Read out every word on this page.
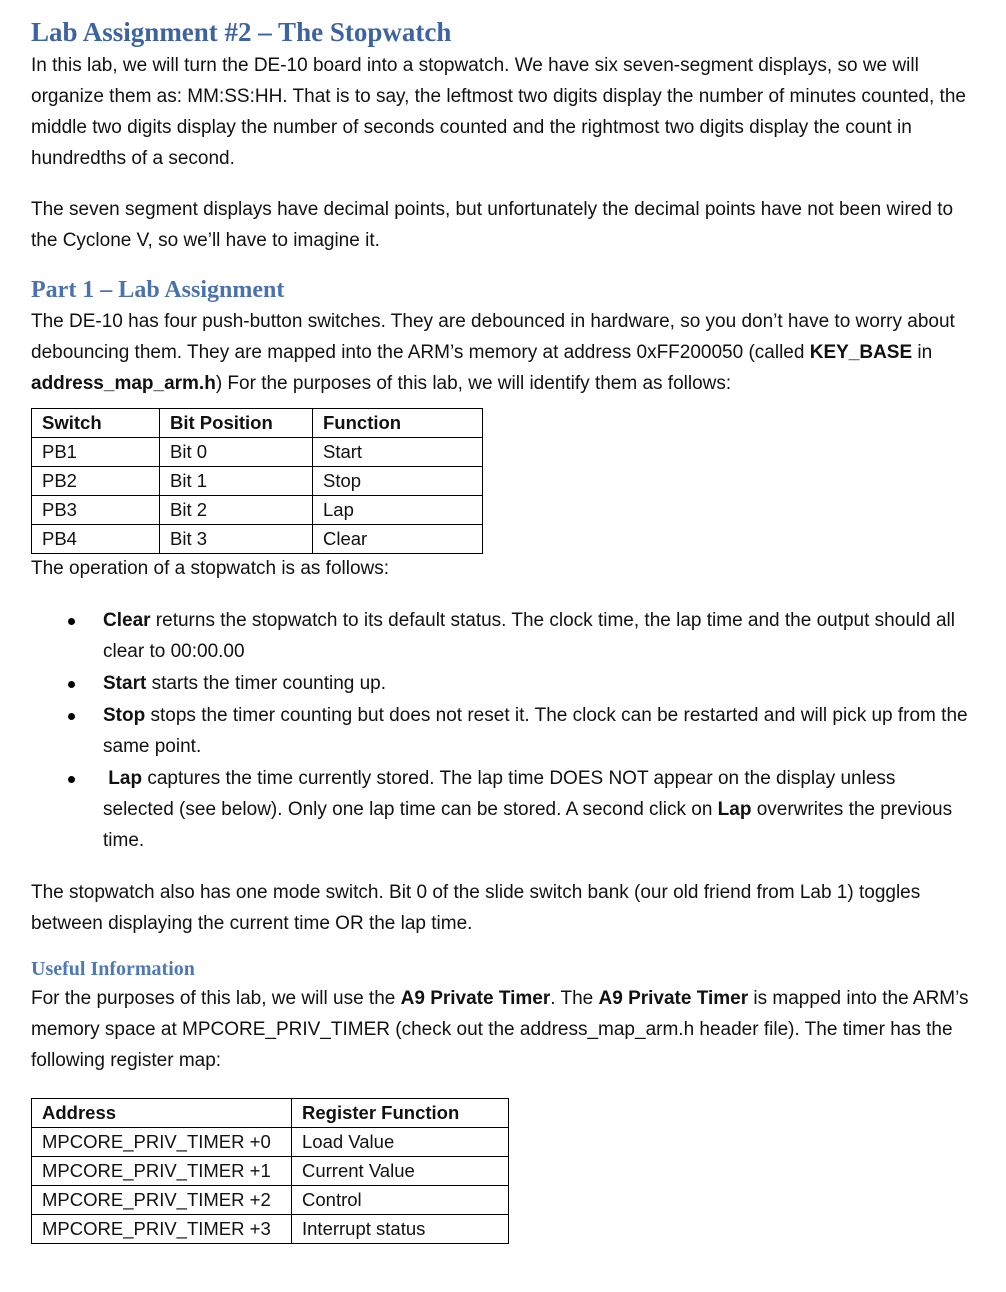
Lab Assignment #2 – The Stopwatch

In this lab, we will turn the DE-10 board into a stopwatch. We have six seven-segment displays, so we will organize them as: MM:SS:HH. That is to say, the leftmost two digits display the number of minutes counted, the middle two digits display the number of seconds counted and the rightmost two digits display the count in hundredths of a second.

The seven segment displays have decimal points, but unfortunately the decimal points have not been wired to the Cyclone V, so we’ll have to imagine it.

Part 1 – Lab Assignment

The DE-10 has four push-button switches. They are debounced in hardware, so you don’t have to worry about debouncing them. They are mapped into the ARM’s memory at address 0xFF200050 (called KEY_BASE in address_map_arm.h) For the purposes of this lab, we will identify them as follows:

Switch	Bit Position	Function
PB1	Bit 0	Start
PB2	Bit 1	Stop
PB3	Bit 2	Lap
PB4	Bit 3	Clear

The operation of a stopwatch is as follows:

Clear returns the stopwatch to its default status. The clock time, the lap time and the output should all clear to 00:00.00
Start starts the timer counting up.
Stop stops the timer counting but does not reset it. The clock can be restarted and will pick up from the same point.
Lap captures the time currently stored. The lap time DOES NOT appear on the display unless selected (see below). Only one lap time can be stored. A second click on Lap overwrites the previous time.

The stopwatch also has one mode switch. Bit 0 of the slide switch bank (our old friend from Lab 1) toggles between displaying the current time OR the lap time.

Useful Information

For the purposes of this lab, we will use the A9 Private Timer. The A9 Private Timer is mapped into the ARM’s memory space at MPCORE_PRIV_TIMER (check out the address_map_arm.h header file). The timer has the following register map:

Address	Register Function
MPCORE_PRIV_TIMER +0	Load Value
MPCORE_PRIV_TIMER +1	Current Value
MPCORE_PRIV_TIMER +2	Control
MPCORE_PRIV_TIMER +3	Interrupt status
